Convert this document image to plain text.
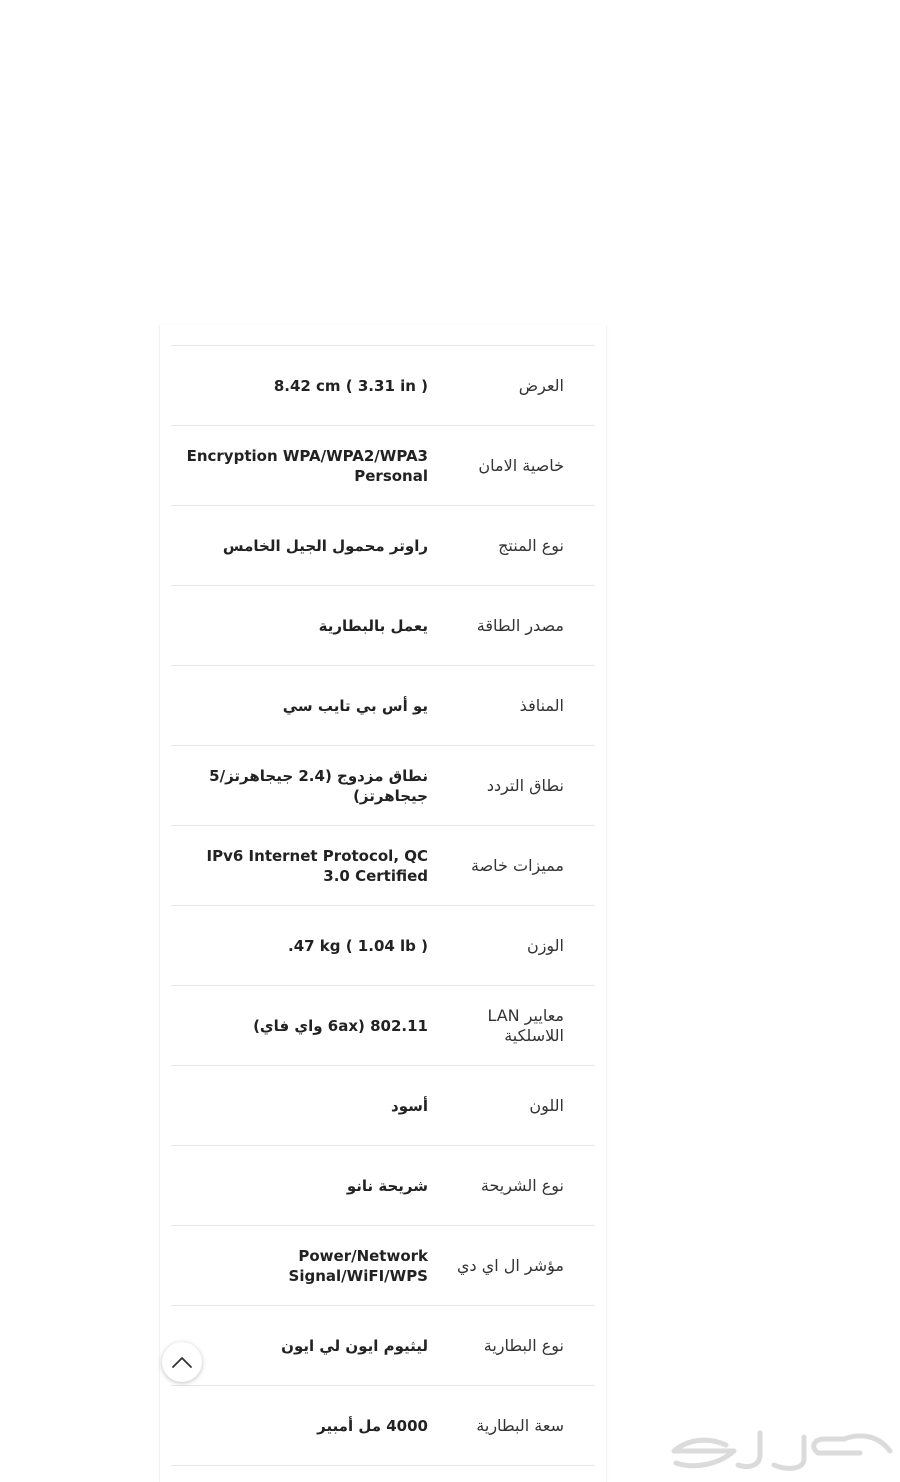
العرض
8.42 cm ( 3.31 in )
خاصية الامان
Encryption WPA/WPA2/WPA3 Personal
نوع المنتج
راوتر محمول الجيل الخامس
مصدر الطاقة
يعمل بالبطارية
المنافذ
يو أس بي تايب سي
نطاق التردد
نطاق مزدوج (2.4 جيجاهرتز/5 جيجاهرتز)
مميزات خاصة
IPv6 Internet Protocol, QC 3.0 Certified
الوزن
.47 kg ( 1.04 lb )
معايير LAN اللاسلكية
802.11 (6ax واي فاي)
اللون
أسود
نوع الشريحة
شريحة نانو
مؤشر ال اي دي
Power/Network Signal/WiFI/WPS
نوع البطارية
ليثيوم ايون لي ايون
سعة البطارية
4000 مل أمبير
